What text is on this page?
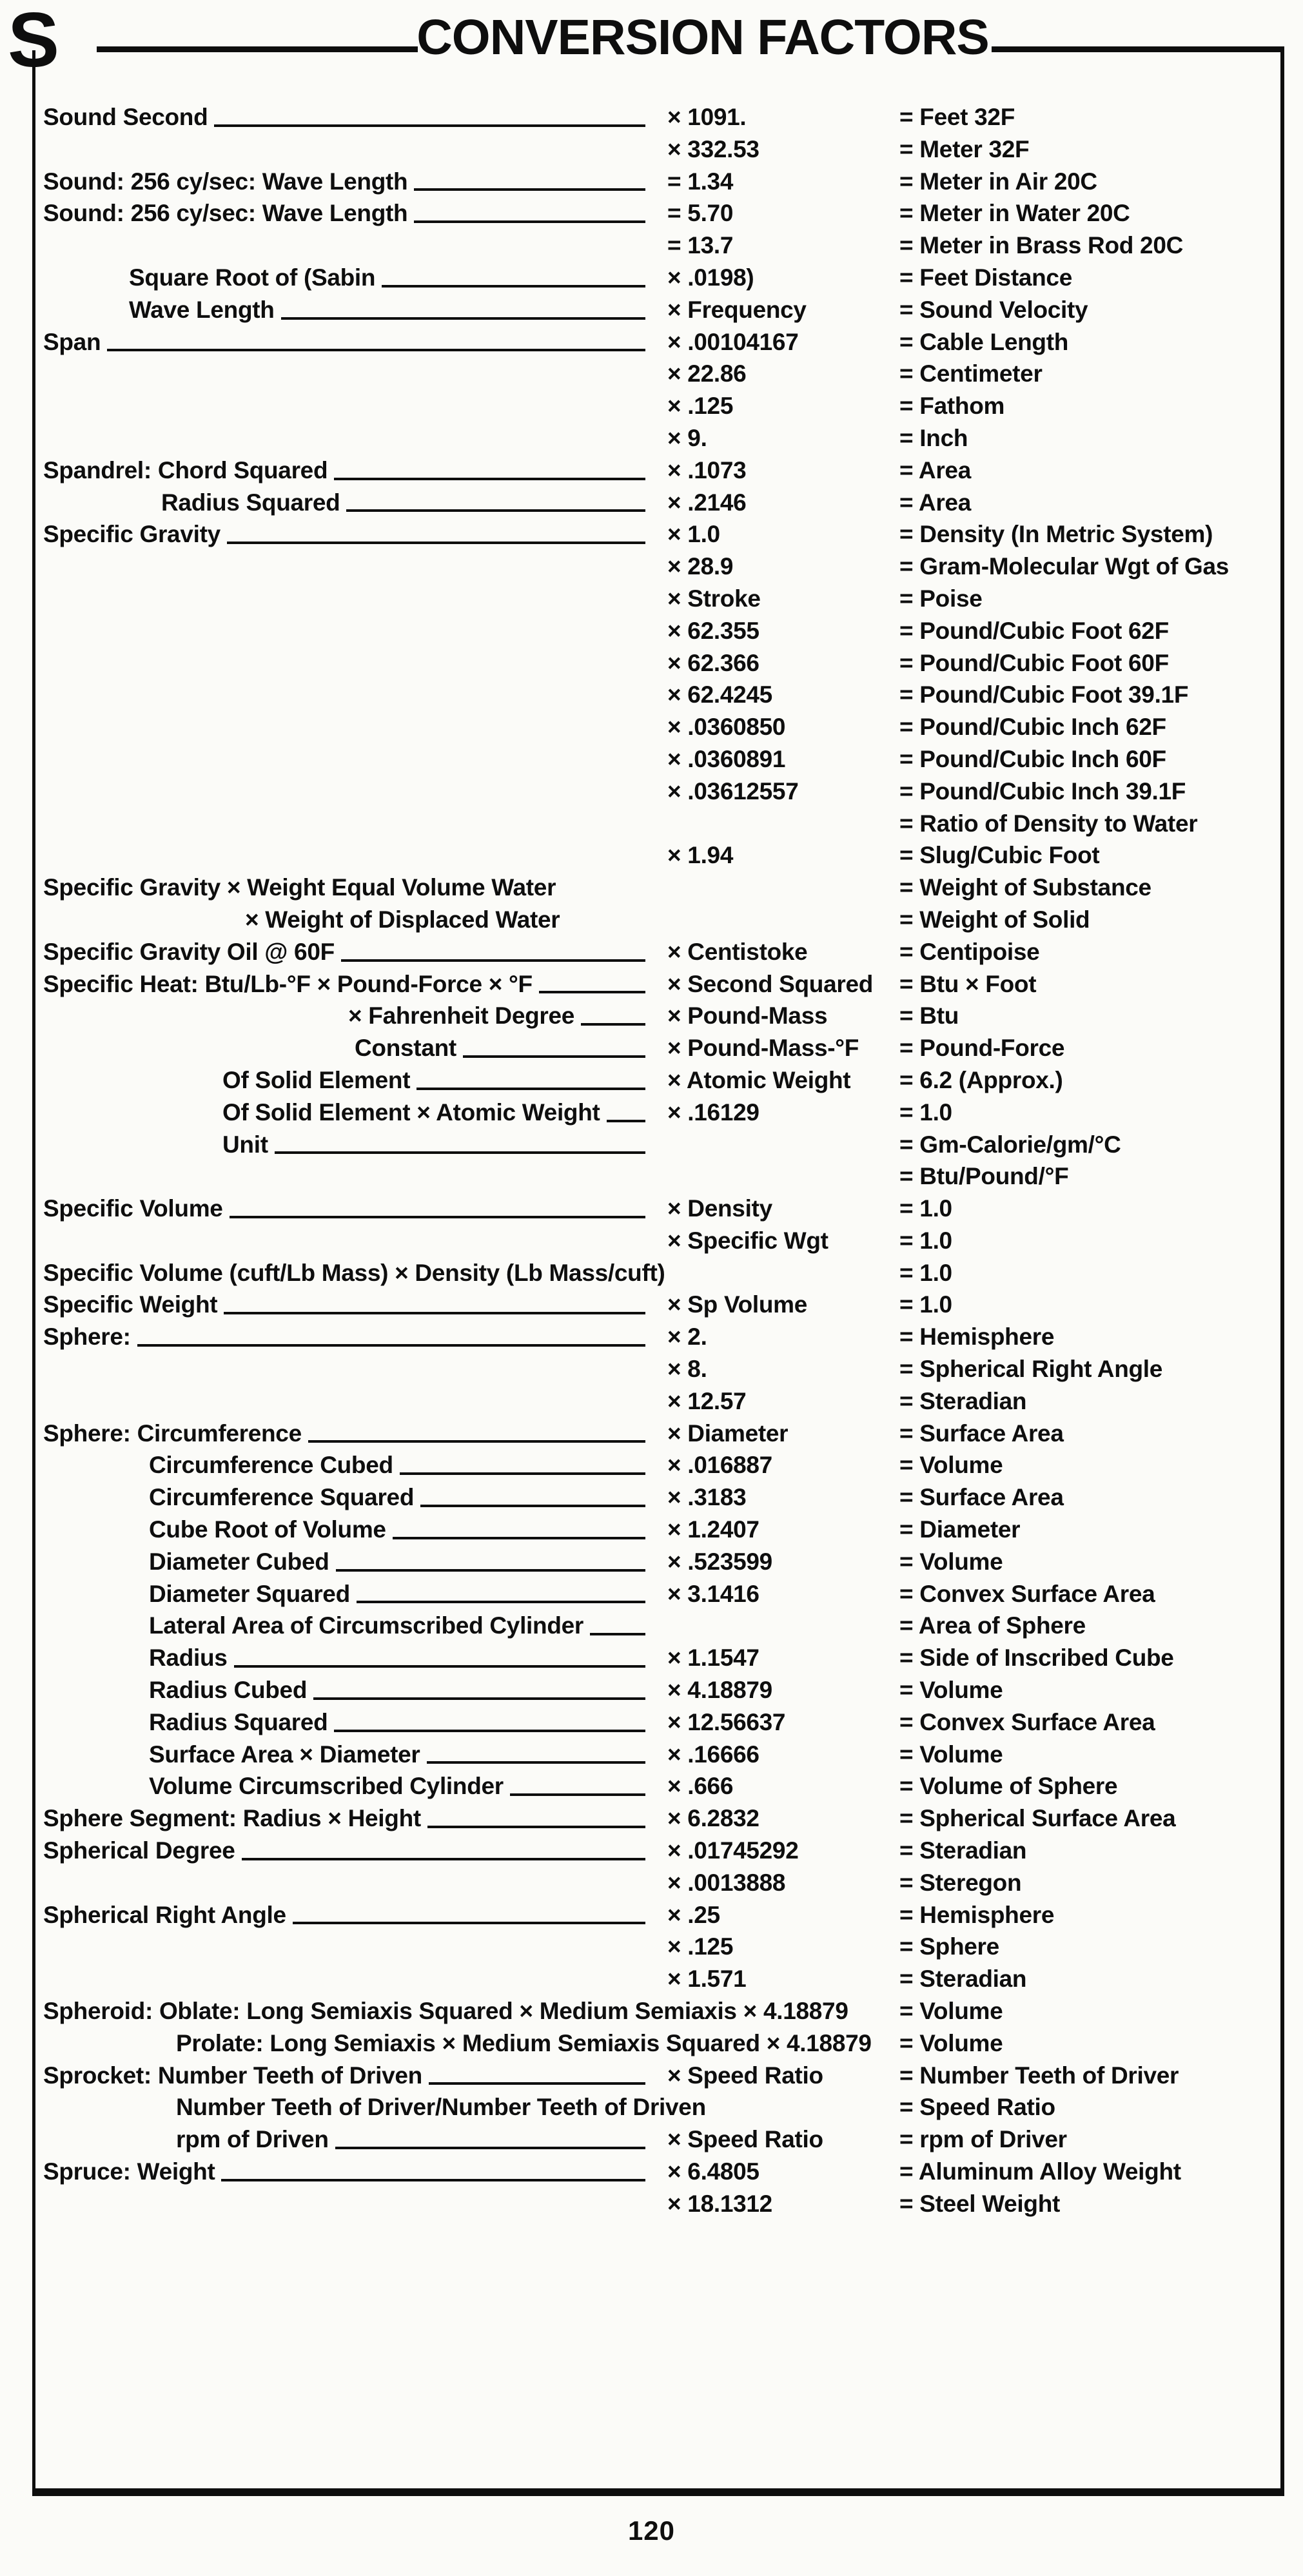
S	CONVERSION FACTORS
Sound Second	× 1091.	= Feet 32F
× 332.53	= Meter 32F
Sound: 256 cy/sec: Wave Length	= 1.34	= Meter in Air 20C
Sound: 256 cy/sec: Wave Length	= 5.70	= Meter in Water 20C
= 13.7	= Meter in Brass Rod 20C
Square Root of (Sabin	× .0198)	= Feet Distance
Wave Length	× Frequency	= Sound Velocity
Span	× .00104167	= Cable Length
× 22.86	= Centimeter
× .125	= Fathom
× 9.	= Inch
Spandrel: Chord Squared	× .1073	= Area
Radius Squared	× .2146	= Area
Specific Gravity	× 1.0	= Density (In Metric System)
× 28.9	= Gram-Molecular Wgt of Gas
× Stroke	= Poise
× 62.355	= Pound/Cubic Foot 62F
× 62.366	= Pound/Cubic Foot 60F
× 62.4245	= Pound/Cubic Foot 39.1F
× .0360850	= Pound/Cubic Inch 62F
× .0360891	= Pound/Cubic Inch 60F
× .03612557	= Pound/Cubic Inch 39.1F
= Ratio of Density to Water
× 1.94	= Slug/Cubic Foot
Specific Gravity × Weight Equal Volume Water	= Weight of Substance
× Weight of Displaced Water	= Weight of Solid
Specific Gravity Oil @ 60F	× Centistoke	= Centipoise
Specific Heat: Btu/Lb-°F × Pound-Force × °F	× Second Squared	= Btu × Foot
× Fahrenheit Degree	× Pound-Mass	= Btu
Constant	× Pound-Mass-°F	= Pound-Force
Of Solid Element	× Atomic Weight	= 6.2 (Approx.)
Of Solid Element × Atomic Weight	× .16129	= 1.0
Unit	= Gm-Calorie/gm/°C
= Btu/Pound/°F
Specific Volume	× Density	= 1.0
× Specific Wgt	= 1.0
Specific Volume (cuft/Lb Mass) × Density (Lb Mass/cuft)	= 1.0
Specific Weight	× Sp Volume	= 1.0
Sphere:	× 2.	= Hemisphere
× 8.	= Spherical Right Angle
× 12.57	= Steradian
Sphere: Circumference	× Diameter	= Surface Area
Circumference Cubed	× .016887	= Volume
Circumference Squared	× .3183	= Surface Area
Cube Root of Volume	× 1.2407	= Diameter
Diameter Cubed	× .523599	= Volume
Diameter Squared	× 3.1416	= Convex Surface Area
Lateral Area of Circumscribed Cylinder	= Area of Sphere
Radius	× 1.1547	= Side of Inscribed Cube
Radius Cubed	× 4.18879	= Volume
Radius Squared	× 12.56637	= Convex Surface Area
Surface Area × Diameter	× .16666	= Volume
Volume Circumscribed Cylinder	× .666	= Volume of Sphere
Sphere Segment: Radius × Height	× 6.2832	= Spherical Surface Area
Spherical Degree	× .01745292	= Steradian
× .0013888	= Steregon
Spherical Right Angle	× .25	= Hemisphere
× .125	= Sphere
× 1.571	= Steradian
Spheroid: Oblate: Long Semiaxis Squared × Medium Semiaxis × 4.18879 = Volume
Prolate: Long Semiaxis × Medium Semiaxis Squared × 4.18879 = Volume
Sprocket: Number Teeth of Driven	× Speed Ratio	= Number Teeth of Driver
Number Teeth of Driver/Number Teeth of Driven	= Speed Ratio
rpm of Driven	× Speed Ratio	= rpm of Driver
Spruce: Weight	× 6.4805	= Aluminum Alloy Weight
× 18.1312	= Steel Weight
120
